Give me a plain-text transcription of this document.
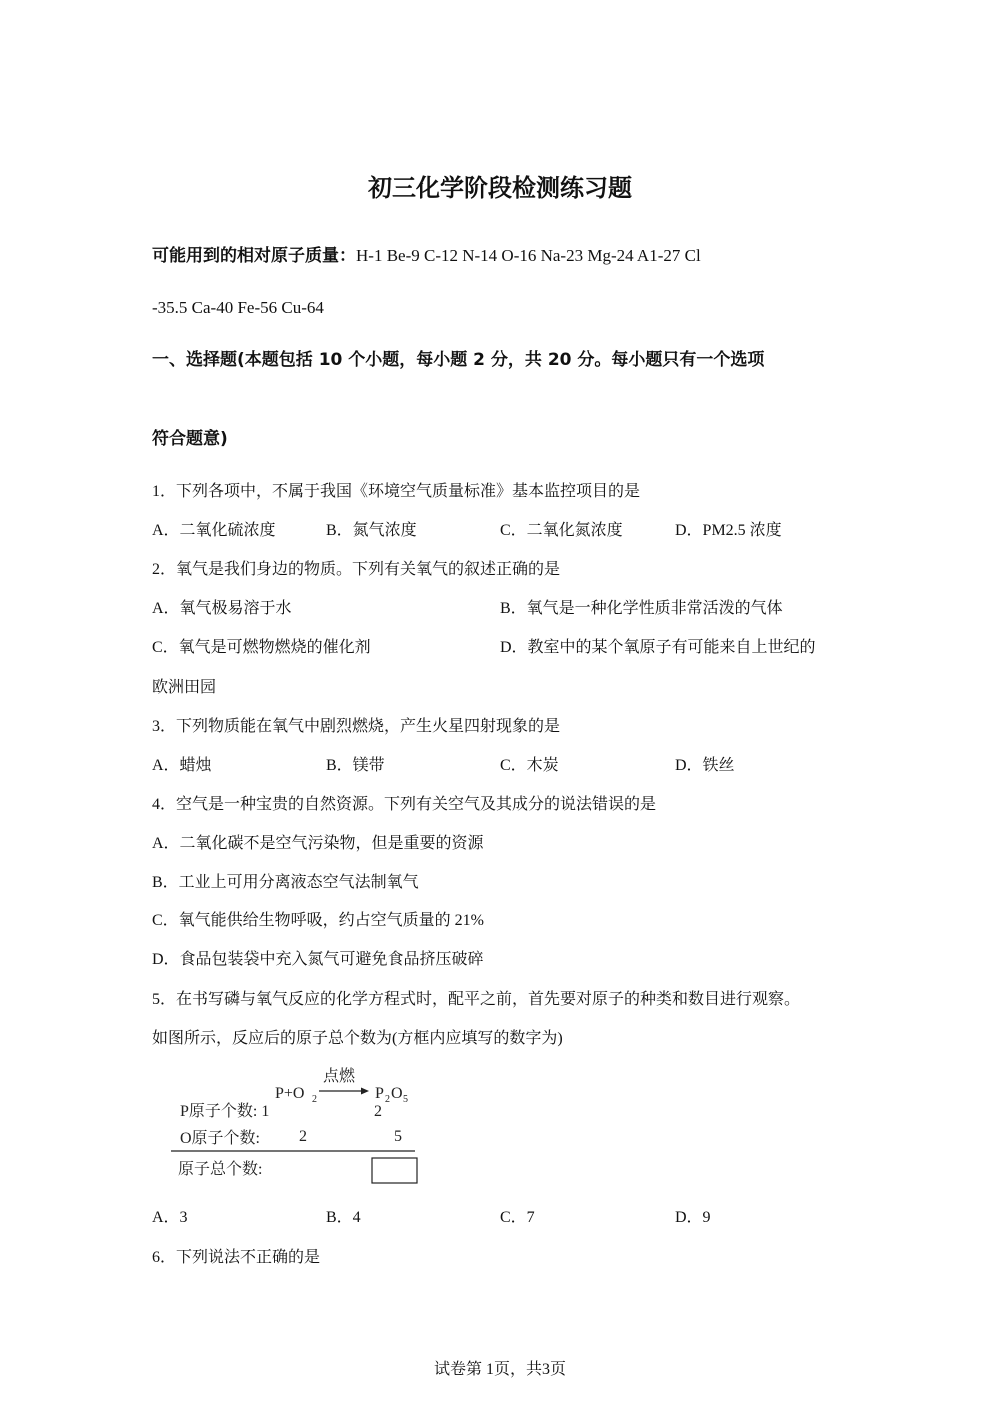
初三化学阶段检测练习题
可能用到的相对原子质量：H-1 Be-9 C-12 N-14 O-16 Na-23 Mg-24 A1-27 Cl
-35.5 Ca-40 Fe-56 Cu-64
一、选择题(本题包括 10 个小题，每小题 2 分，共 20 分。每小题只有一个选项
符合题意)
1．下列各项中，不属于我国《环境空气质量标准》基本监控项目的是
A．二氧化硫浓度	B．氮气浓度	C．二氧化氮浓度	D．PM2.5 浓度
2．氧气是我们身边的物质。下列有关氧气的叙述正确的是
A．氧气极易溶于水	B．氧气是一种化学性质非常活泼的气体
C．氧气是可燃物燃烧的催化剂	D．教室中的某个氧原子有可能来自上世纪的
欧洲田园
3．下列物质能在氧气中剧烈燃烧，产生火星四射现象的是
A．蜡烛	B．镁带	C．木炭	D．铁丝
4．空气是一种宝贵的自然资源。下列有关空气及其成分的说法错误的是
A．二氧化碳不是空气污染物，但是重要的资源
B．工业上可用分离液态空气法制氧气
C．氧气能供给生物呼吸，约占空气质量的 21%
D．食品包装袋中充入氮气可避免食品挤压破碎
5．在书写磷与氧气反应的化学方程式时，配平之前，首先要对原子的种类和数目进行观察。
如图所示，反应后的原子总个数为(方框内应填写的数字为)
点燃
P+O 2	P 2 O 5
P原子个数: 1	2
O原子个数: 2	5
原子总个数:
A．3	B．4	C．7	D．9
6．下列说法不正确的是
试卷第 1页，共3页
